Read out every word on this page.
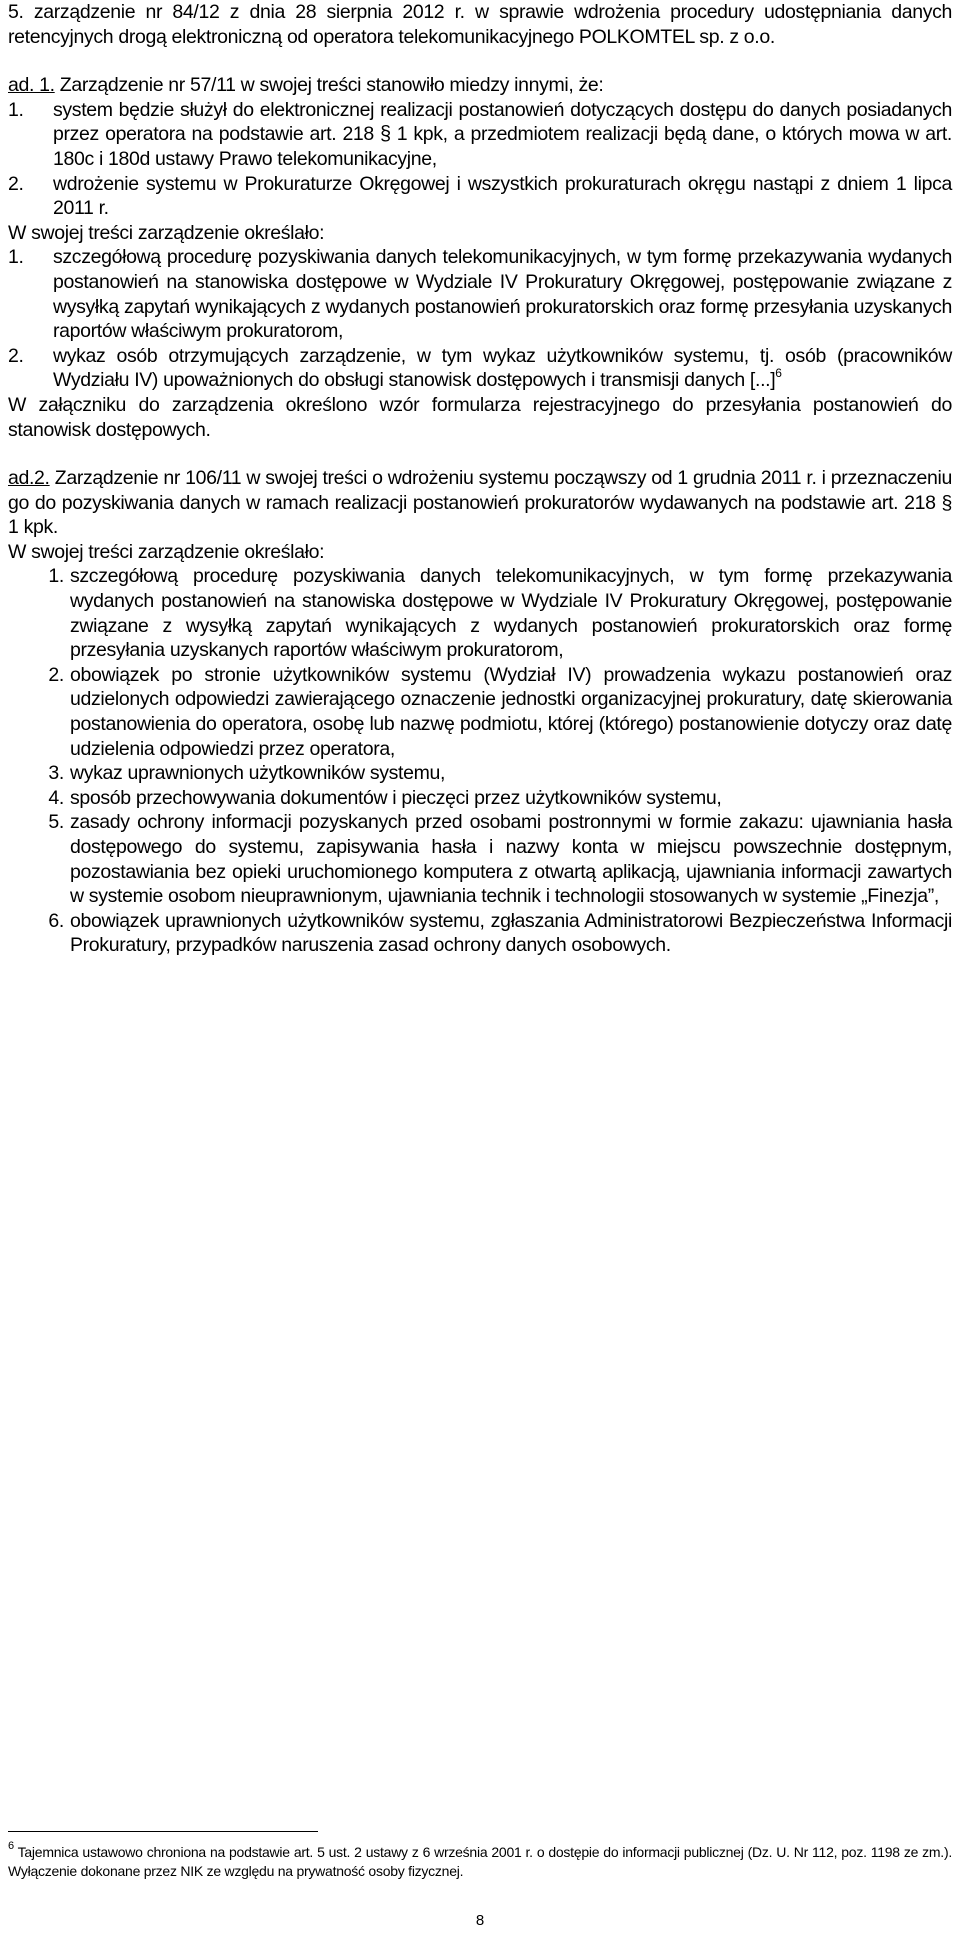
5. zarządzenie nr 84/12 z dnia 28 sierpnia 2012 r. w sprawie wdrożenia procedury udostępniania danych retencyjnych drogą elektroniczną od operatora telekomunikacyjnego POLKOMTEL sp. z o.o.

ad. 1. Zarządzenie nr 57/11 w swojej treści stanowiło miedzy innymi, że:

1.	system będzie służył do elektronicznej realizacji postanowień dotyczących dostępu do danych posiadanych przez operatora na podstawie art. 218 § 1 kpk, a przedmiotem realizacji będą dane, o których mowa w art. 180c i 180d ustawy Prawo telekomunikacyjne,
2.	wdrożenie systemu w Prokuraturze Okręgowej i wszystkich prokuraturach okręgu nastąpi z dniem 1 lipca 2011 r.

W swojej treści zarządzenie określało:

1.	szczegółową procedurę pozyskiwania danych telekomunikacyjnych, w tym formę przekazywania wydanych postanowień na stanowiska dostępowe w Wydziale IV Prokuratury Okręgowej, postępowanie związane z wysyłką zapytań wynikających z wydanych postanowień prokuratorskich oraz formę przesyłania uzyskanych raportów właściwym prokuratorom,
2.	wykaz osób otrzymujących zarządzenie, w tym wykaz użytkowników systemu, tj. osób (pracowników Wydziału IV) upoważnionych do obsługi stanowisk dostępowych i transmisji danych [...]$^6$

W załączniku do zarządzenia określono wzór formularza rejestracyjnego do przesyłania postanowień do stanowisk dostępowych.

ad.2. Zarządzenie nr 106/11 w swojej treści o wdrożeniu systemu począwszy od 1 grudnia 2011 r. i przeznaczeniu go do pozyskiwania danych w ramach realizacji postanowień prokuratorów wydawanych na podstawie art. 218 § 1 kpk.

W swojej treści zarządzenie określało:

1. szczegółową procedurę pozyskiwania danych telekomunikacyjnych, w tym formę przekazywania wydanych postanowień na stanowiska dostępowe w Wydziale IV Prokuratury Okręgowej, postępowanie związane z wysyłką zapytań wynikających z wydanych postanowień prokuratorskich oraz formę przesyłania uzyskanych raportów właściwym prokuratorom,
2. obowiązek po stronie użytkowników systemu (Wydział IV) prowadzenia wykazu postanowień oraz udzielonych odpowiedzi zawierającego oznaczenie jednostki organizacyjnej prokuratury, datę skierowania postanowienia do operatora, osobę lub nazwę podmiotu, której (którego) postanowienie dotyczy oraz datę udzielenia odpowiedzi przez operatora,
3. wykaz uprawnionych użytkowników systemu,
4. sposób przechowywania dokumentów i pieczęci przez użytkowników systemu,
5. zasady ochrony informacji pozyskanych przed osobami postronnymi w formie zakazu: ujawniania hasła dostępowego do systemu, zapisywania hasła i nazwy konta w miejscu powszechnie dostępnym, pozostawiania bez opieki uruchomionego komputera z otwartą aplikacją, ujawniania informacji zawartych w systemie osobom nieuprawnionym, ujawniania technik i technologii stosowanych w systemie „Finezja”,
6. obowiązek uprawnionych użytkowników systemu, zgłaszania Administratorowi Bezpieczeństwa Informacji Prokuratury, przypadków naruszenia zasad ochrony danych osobowych.

$^6$ Tajemnica ustawowo chroniona na podstawie art. 5 ust. 2 ustawy z 6 września 2001 r. o dostępie do informacji publicznej (Dz. U. Nr 112, poz. 1198 ze zm.). Wyłączenie dokonane przez NIK ze względu na prywatność osoby fizycznej.

8
